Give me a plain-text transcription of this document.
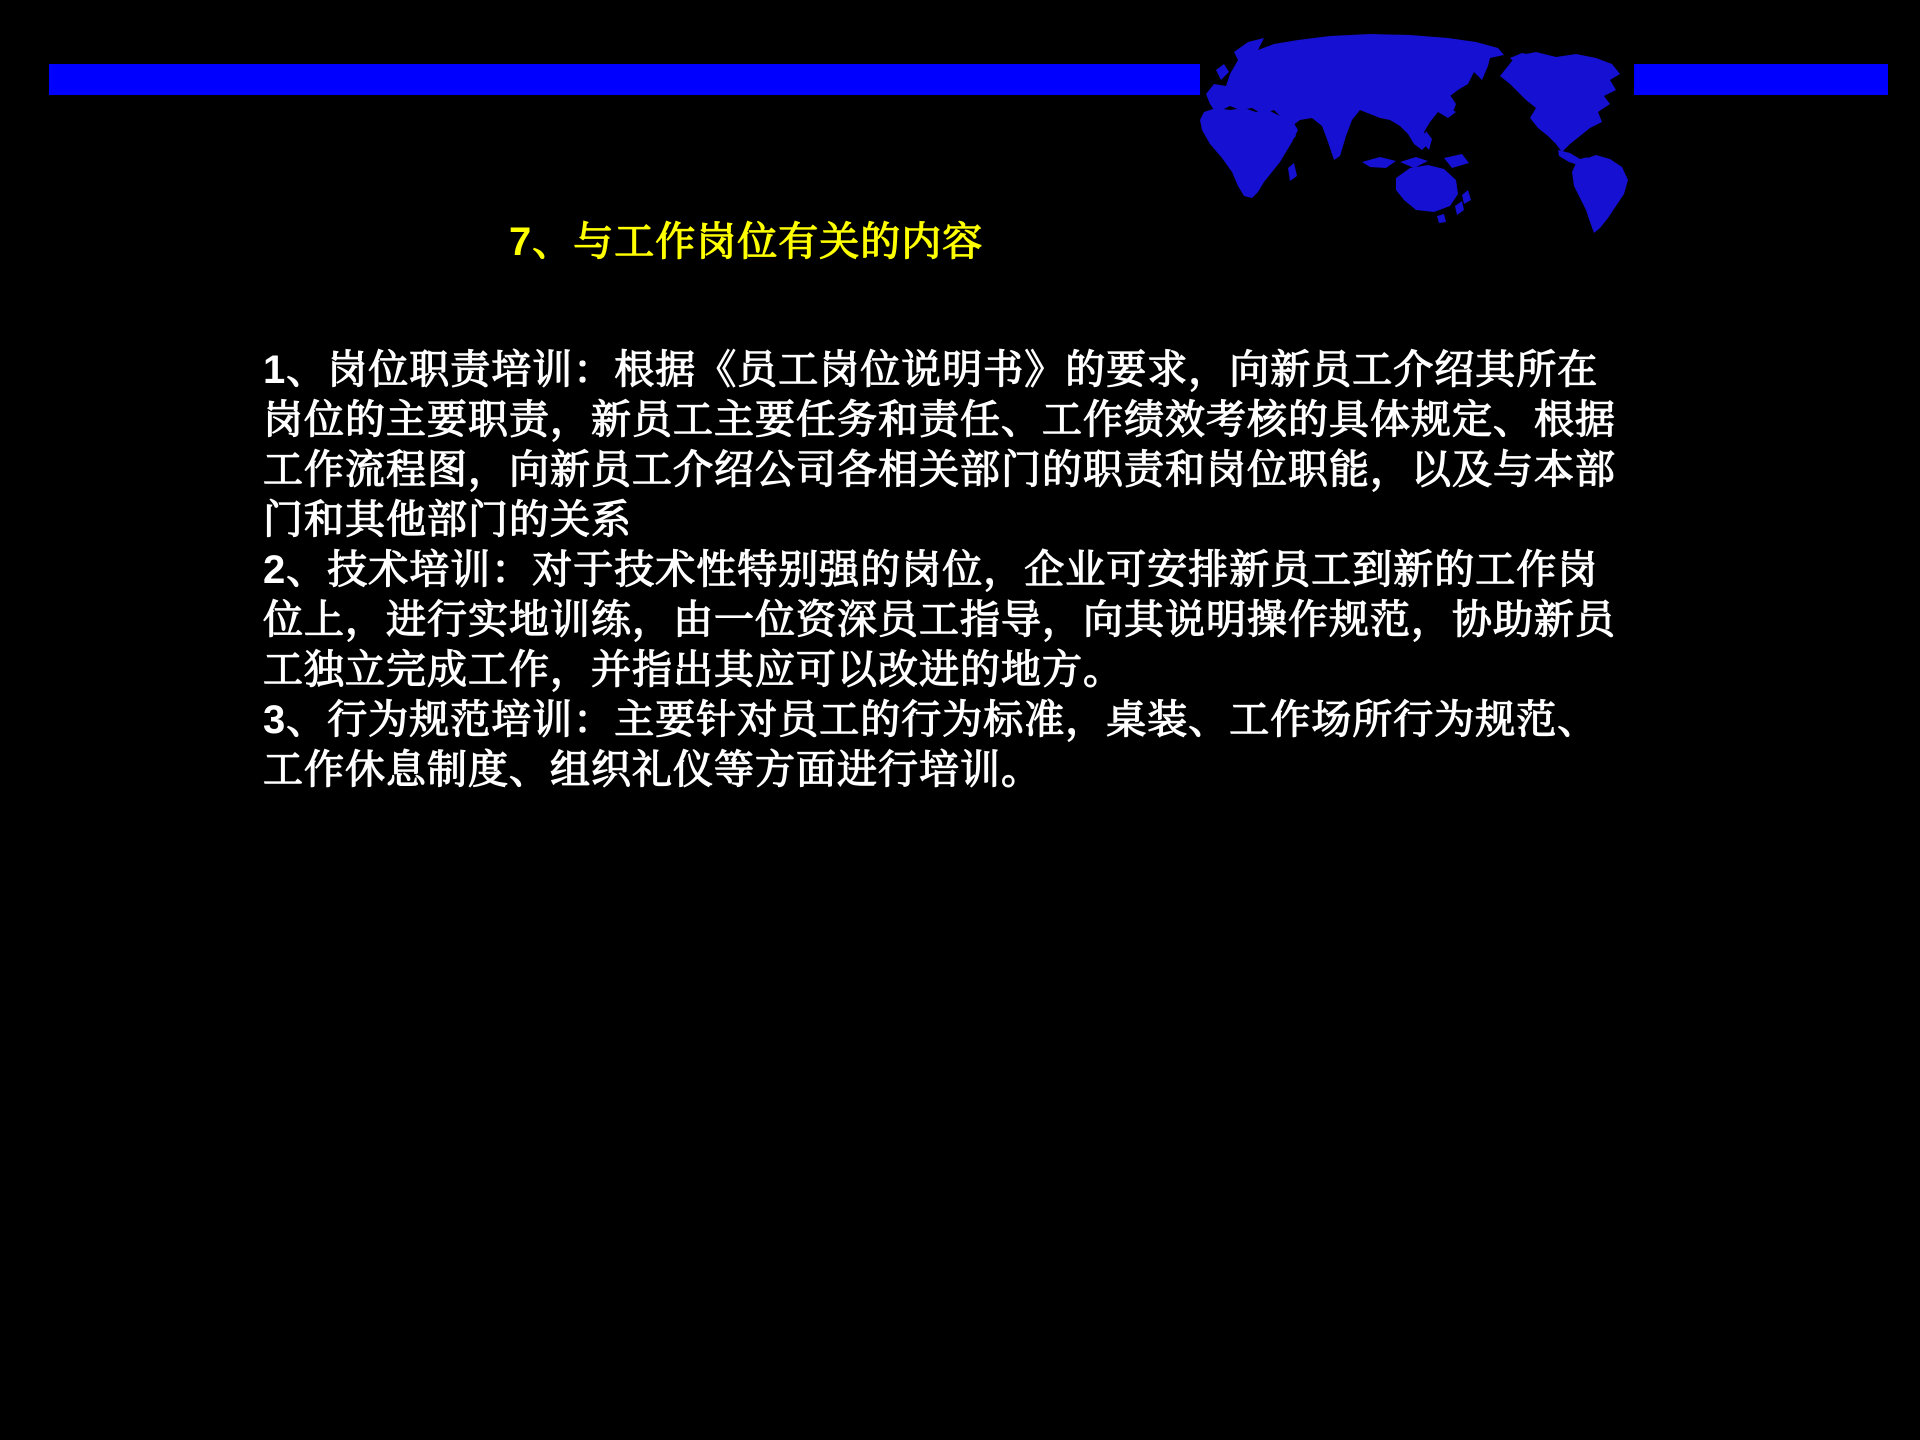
7、与工作岗位有关的内容
1、岗位职责培训：根据《员工岗位说明书》的要求，向新员工介绍其所在
岗位的主要职责，新员工主要任务和责任、工作绩效考核的具体规定、根据
工作流程图，向新员工介绍公司各相关部门的职责和岗位职能，以及与本部
门和其他部门的关系
2、技术培训：对于技术性特别强的岗位，企业可安排新员工到新的工作岗
位上，进行实地训练，由一位资深员工指导，向其说明操作规范，协助新员
工独立完成工作，并指出其应可以改进的地方。
3、行为规范培训：主要针对员工的行为标准，桌装、工作场所行为规范、
工作休息制度、组织礼仪等方面进行培训。
